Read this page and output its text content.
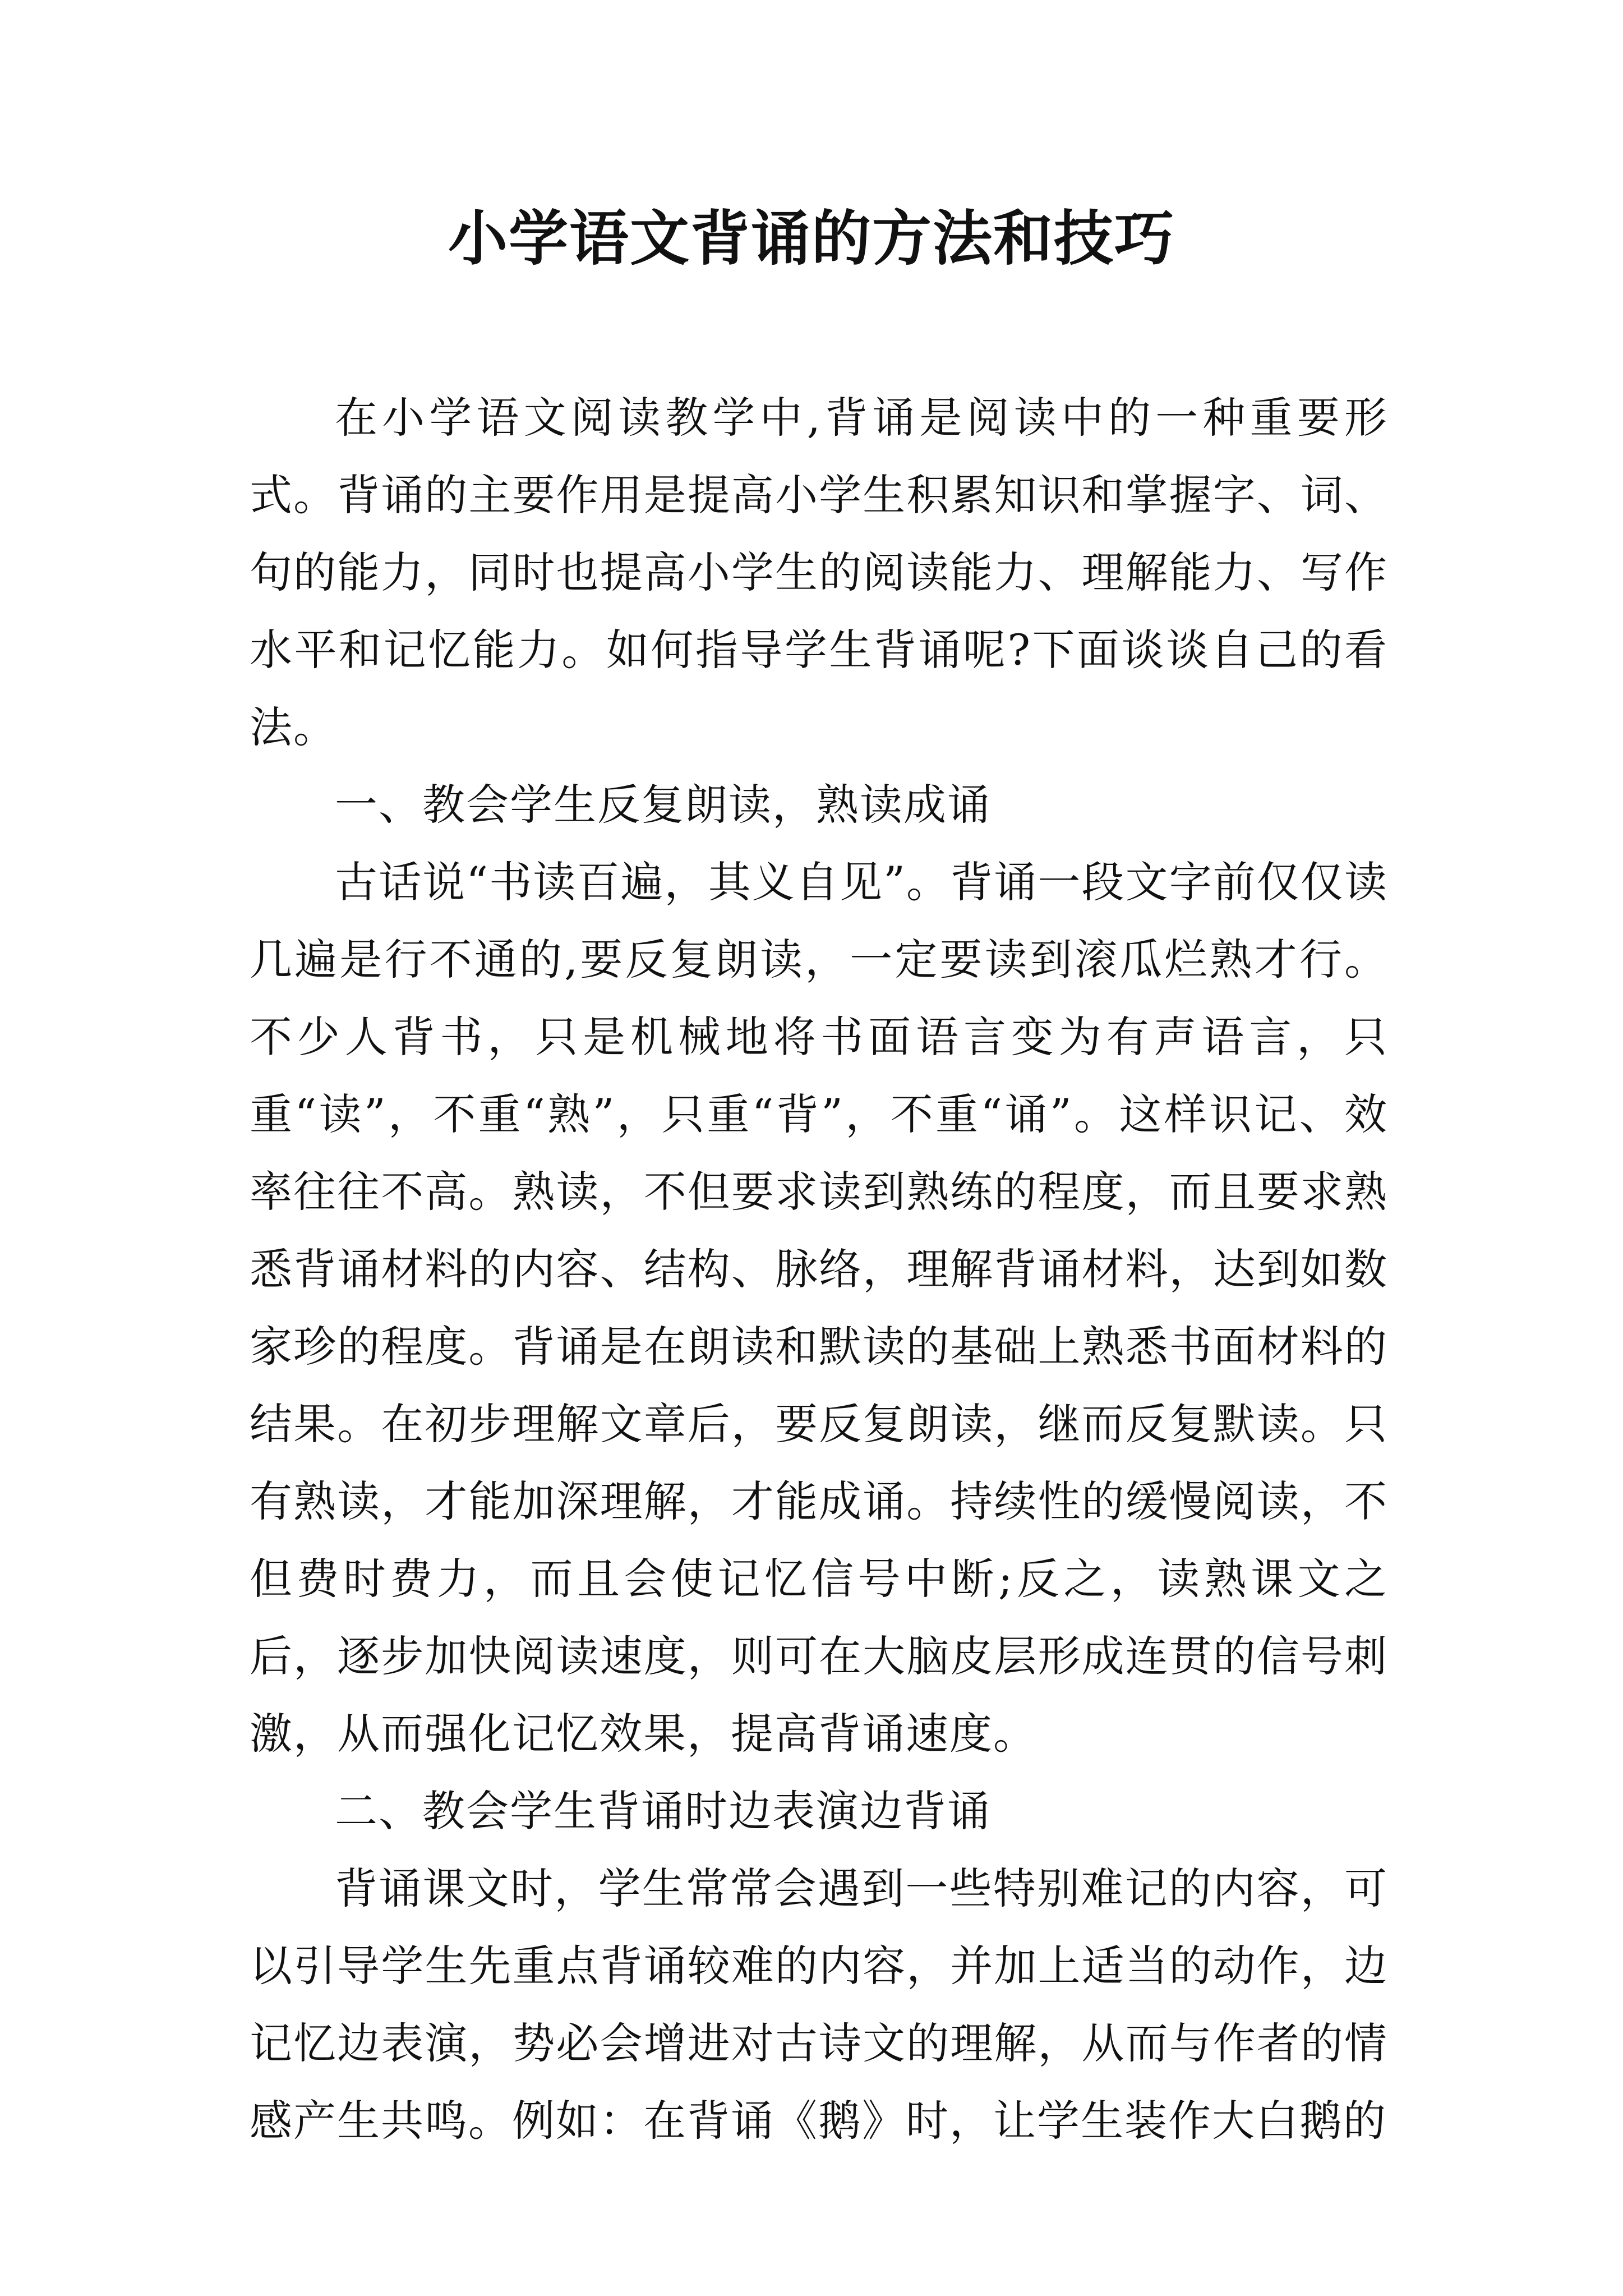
小学语文背诵的方法和技巧

在小学语文阅读教学中,背诵是阅读中的一种重要形式。背诵的主要作用是提高小学生积累知识和掌握字、词、句的能力，同时也提高小学生的阅读能力、理解能力、写作水平和记忆能力。如何指导学生背诵呢?下面谈谈自己的看法。

一、教会学生反复朗读，熟读成诵

古话说“书读百遍，其义自见”。背诵一段文字前仅仅读几遍是行不通的,要反复朗读，一定要读到滚瓜烂熟才行。不少人背书，只是机械地将书面语言变为有声语言，只重“读”，不重“熟”，只重“背”，不重“诵”。这样识记、效率往往不高。熟读，不但要求读到熟练的程度，而且要求熟悉背诵材料的内容、结构、脉络，理解背诵材料，达到如数家珍的程度。背诵是在朗读和默读的基础上熟悉书面材料的结果。在初步理解文章后，要反复朗读，继而反复默读。只有熟读，才能加深理解，才能成诵。持续性的缓慢阅读，不但费时费力，而且会使记忆信号中断;反之，读熟课文之后，逐步加快阅读速度，则可在大脑皮层形成连贯的信号刺激，从而强化记忆效果，提高背诵速度。

二、教会学生背诵时边表演边背诵

背诵课文时，学生常常会遇到一些特别难记的内容，可以引导学生先重点背诵较难的内容，并加上适当的动作，边记忆边表演，势必会增进对古诗文的理解，从而与作者的情感产生共鸣。例如：在背诵《鹅》时，让学生装作大白鹅的
